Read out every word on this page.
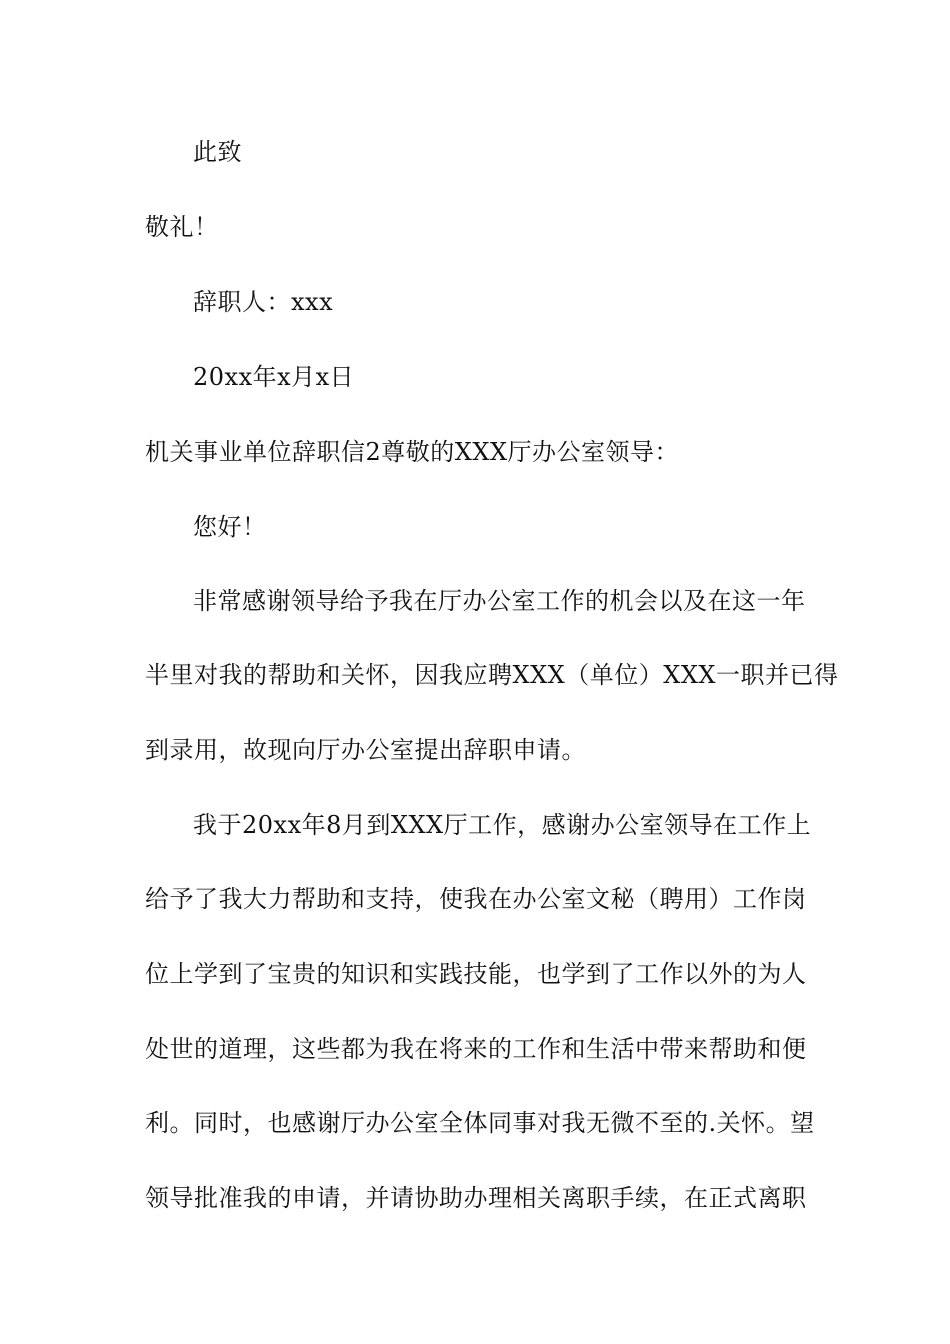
此致
敬礼！
辞职人：xxx
20xx年x月x日
机关事业单位辞职信2尊敬的XXX厅办公室领导：
您好！
非常感谢领导给予我在厅办公室工作的机会以及在这一年
半里对我的帮助和关怀，因我应聘XXX（单位）XXX一职并已得
到录用，故现向厅办公室提出辞职申请。
我于20xx年8月到XXX厅工作，感谢办公室领导在工作上
给予了我大力帮助和支持，使我在办公室文秘（聘用）工作岗
位上学到了宝贵的知识和实践技能，也学到了工作以外的为人
处世的道理，这些都为我在将来的工作和生活中带来帮助和便
利。同时，也感谢厅办公室全体同事对我无微不至的.关怀。望
领导批准我的申请，并请协助办理相关离职手续，在正式离职
